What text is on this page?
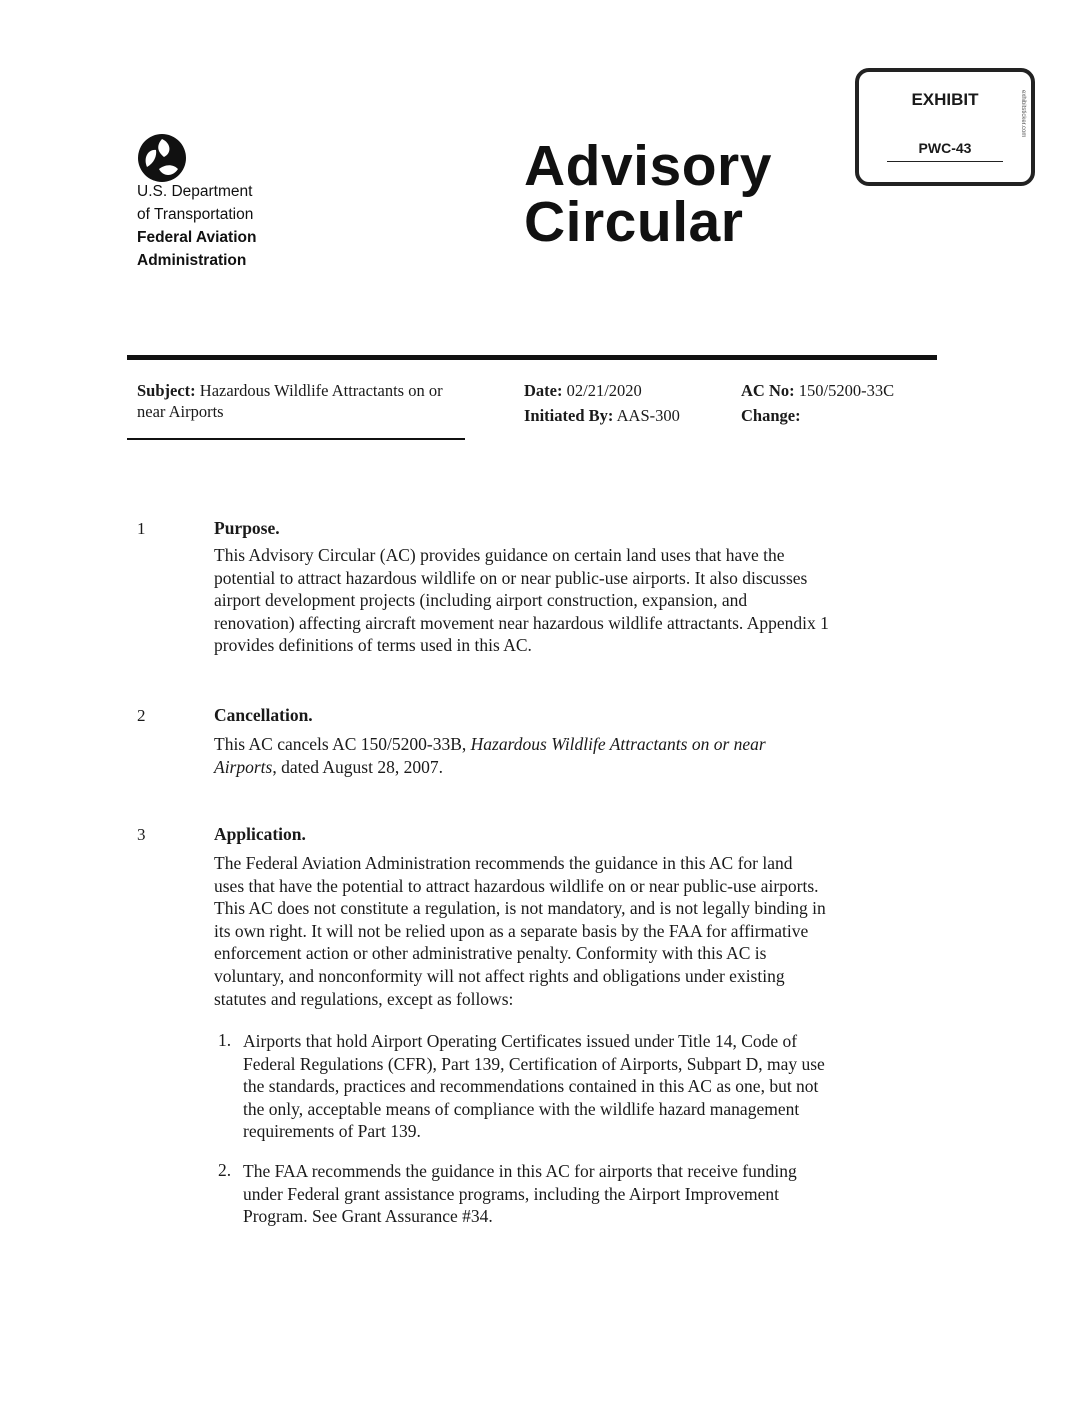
U.S. Department
of Transportation
Federal Aviation
Administration
Advisory
Circular
EXHIBIT
PWC-43
exhibitsticker.com
Subject: Hazardous Wildlife Attractants on or
near Airports
Date: 02/21/2020
Initiated By: AAS-300
AC No: 150/5200-33C
Change:
1	Purpose.
This Advisory Circular (AC) provides guidance on certain land uses that have the
potential to attract hazardous wildlife on or near public-use airports. It also discusses
airport development projects (including airport construction, expansion, and
renovation) affecting aircraft movement near hazardous wildlife attractants. Appendix 1
provides definitions of terms used in this AC.
2	Cancellation.
This AC cancels AC 150/5200-33B, Hazardous Wildlife Attractants on or near
Airports, dated August 28, 2007.
3	Application.
The Federal Aviation Administration recommends the guidance in this AC for land
uses that have the potential to attract hazardous wildlife on or near public-use airports.
This AC does not constitute a regulation, is not mandatory, and is not legally binding in
its own right. It will not be relied upon as a separate basis by the FAA for affirmative
enforcement action or other administrative penalty. Conformity with this AC is
voluntary, and nonconformity will not affect rights and obligations under existing
statutes and regulations, except as follows:
1. Airports that hold Airport Operating Certificates issued under Title 14, Code of
Federal Regulations (CFR), Part 139, Certification of Airports, Subpart D, may use
the standards, practices and recommendations contained in this AC as one, but not
the only, acceptable means of compliance with the wildlife hazard management
requirements of Part 139.
2. The FAA recommends the guidance in this AC for airports that receive funding
under Federal grant assistance programs, including the Airport Improvement
Program. See Grant Assurance #34.
